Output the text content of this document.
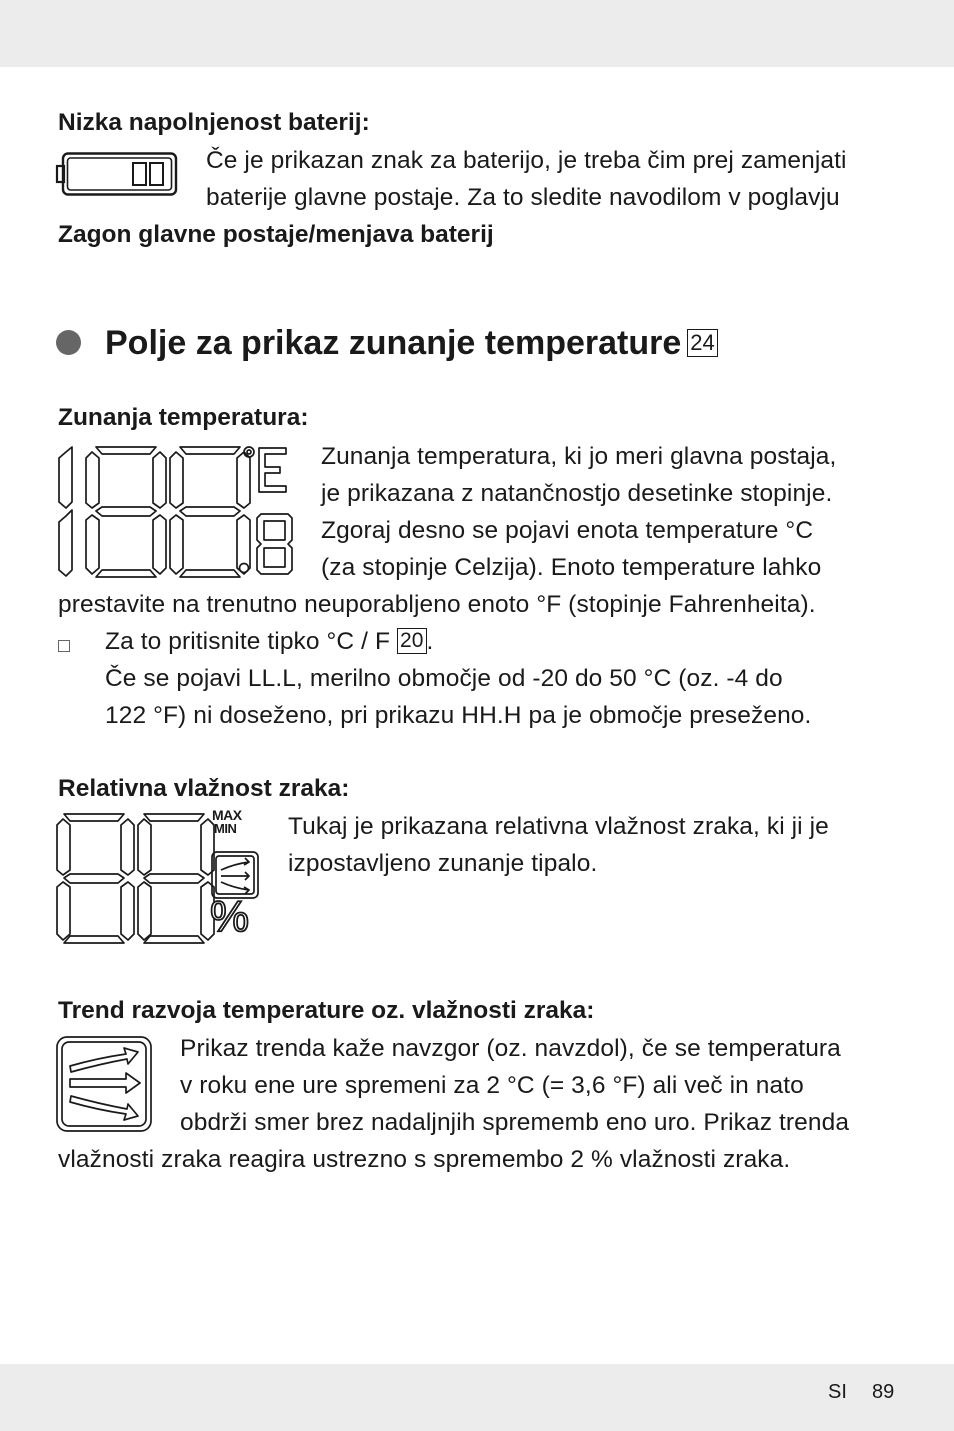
Nizka napolnjenost baterij:
Če je prikazan znak za baterijo, je treba čim prej zamenjati
baterije glavne postaje. Za to sledite navodilom v poglavju
Zagon glavne postaje/menjava baterij
Polje za prikaz zunanje temperature 24
Zunanja temperatura:
Zunanja temperatura, ki jo meri glavna postaja,
je prikazana z natančnostjo desetinke stopinje.
Zgoraj desno se pojavi enota temperature °C
(za stopinje Celzija). Enoto temperature lahko
prestavite na trenutno neuporabljeno enoto °F (stopinje Fahrenheita).
Za to pritisnite tipko °C / F 20 .
Če se pojavi LL.L, merilno območje od -20 do 50 °C (oz. -4 do
122 °F) ni doseženo, pri prikazu HH.H pa je območje preseženo.
Relativna vlažnost zraka:
MAX
MIN
%
Tukaj je prikazana relativna vlažnost zraka, ki ji je
izpostavljeno zunanje tipalo.
Trend razvoja temperature oz. vlažnosti zraka:
Prikaz trenda kaže navzgor (oz. navzdol), če se temperatura
v roku ene ure spremeni za 2 °C (= 3,6 °F) ali več in nato
obdrži smer brez nadaljnjih sprememb eno uro. Prikaz trenda
vlažnosti zraka reagira ustrezno s spremembo 2 % vlažnosti zraka.
SI 89
